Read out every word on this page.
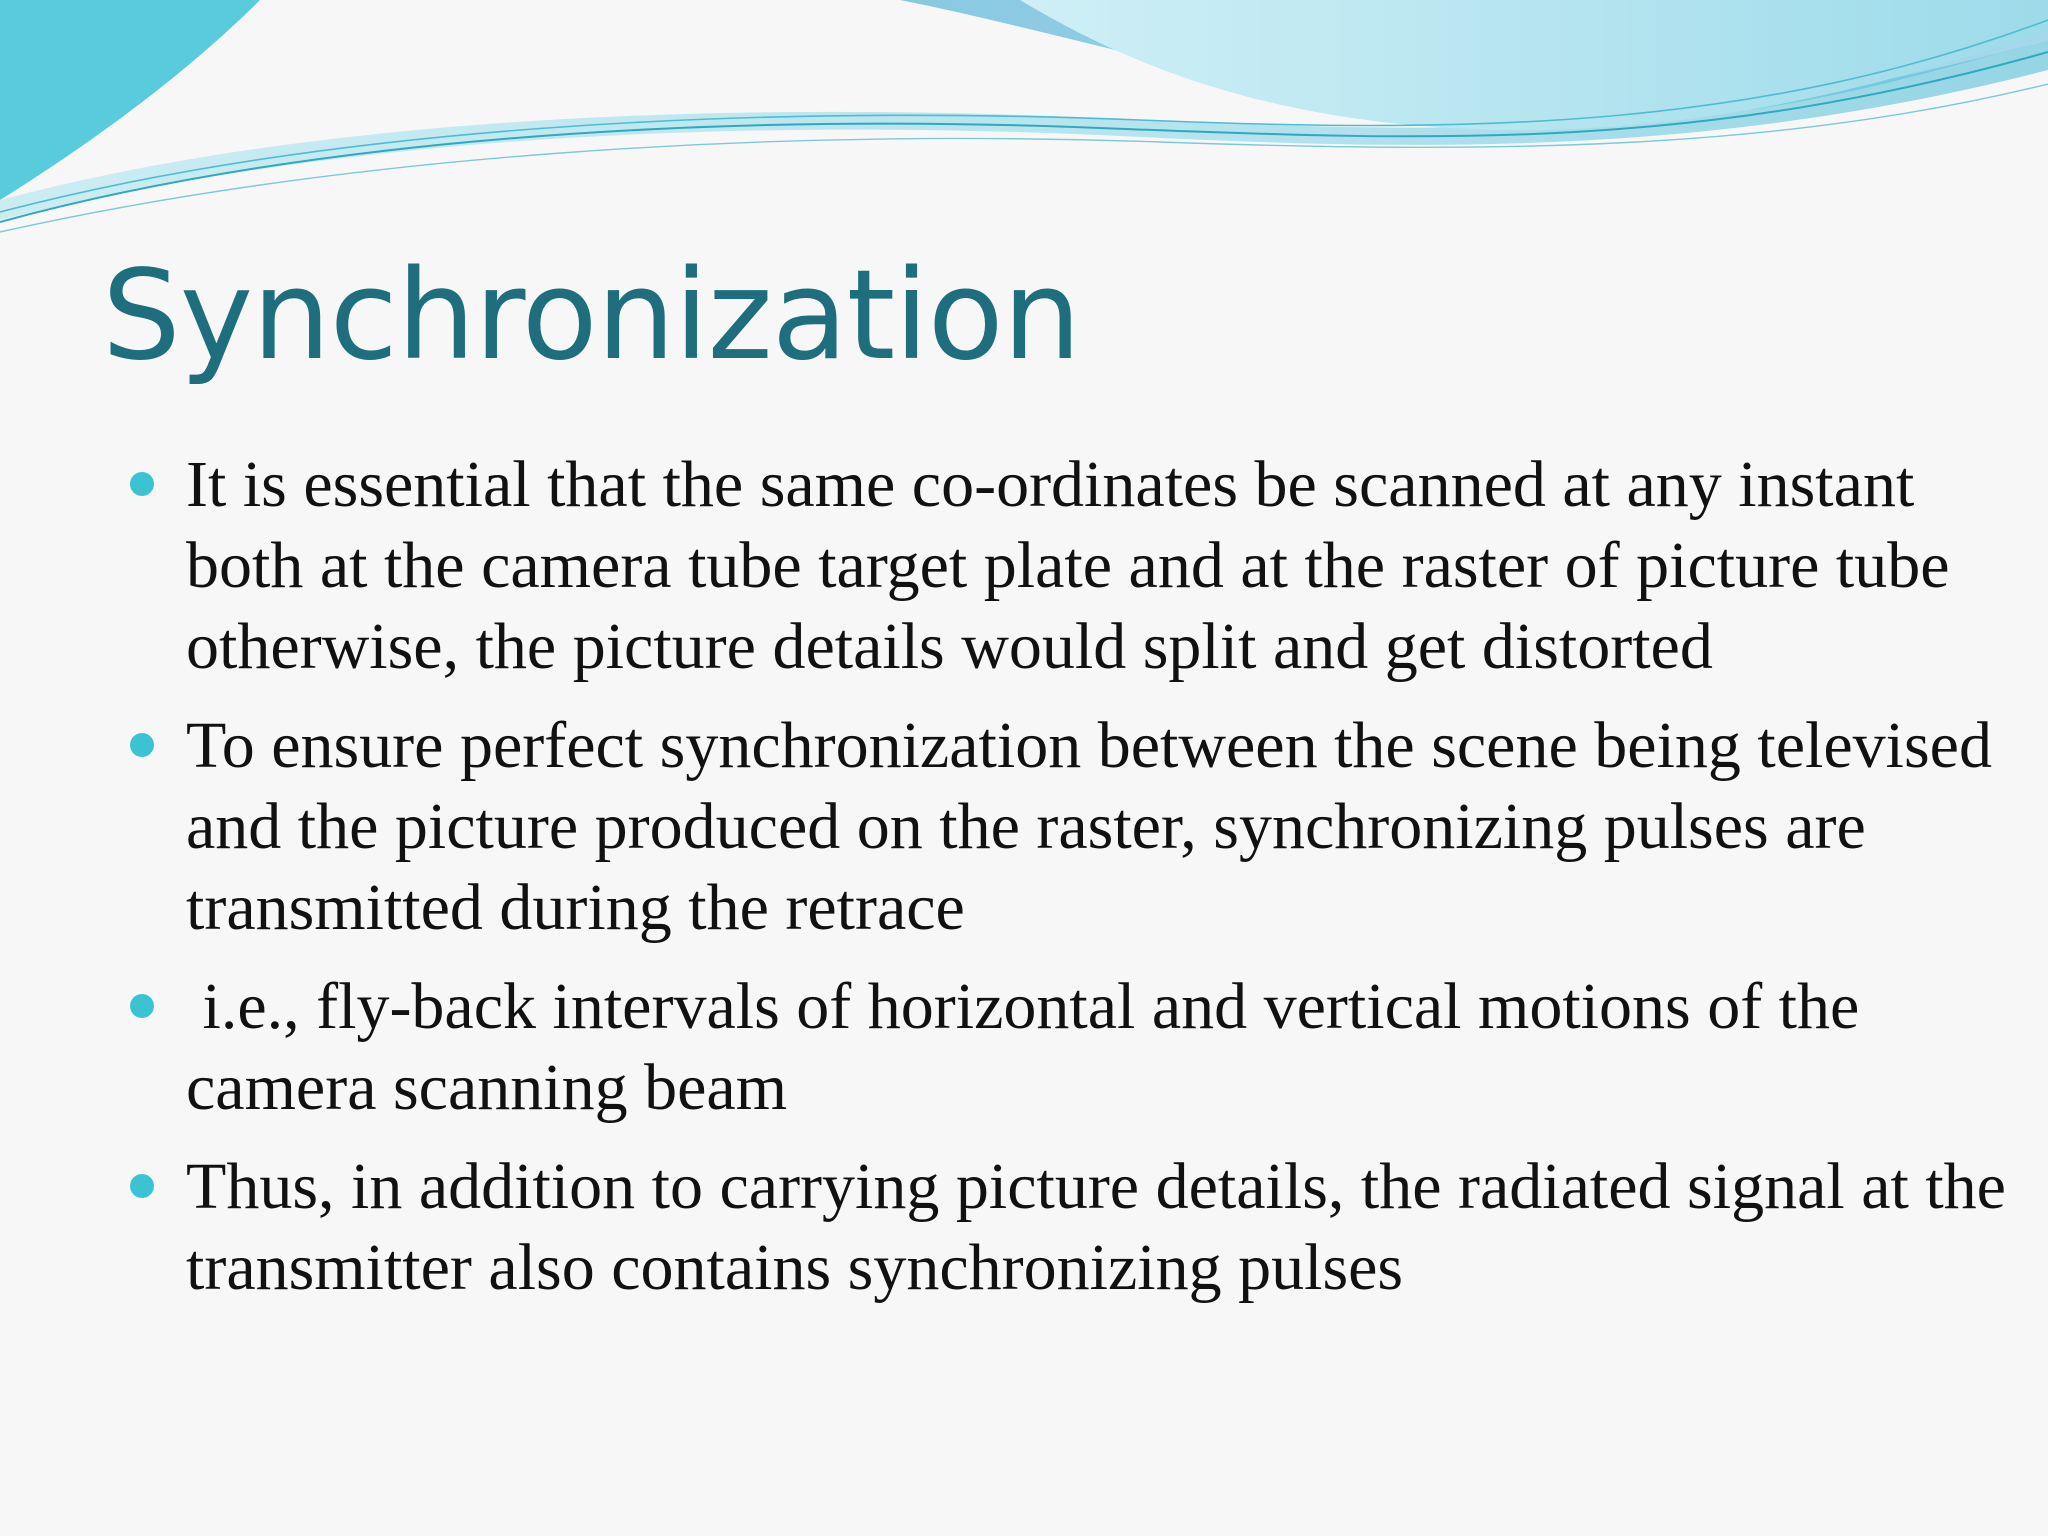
Synchronization
It is essential that the same co-ordinates be scanned at any instant both at the camera tube target plate and at the raster of picture tube otherwise, the picture details would split and get distorted
To ensure perfect synchronization between the scene being televised and the picture produced on the raster, synchronizing pulses are transmitted during the retrace
i.e., fly-back intervals of horizontal and vertical motions of the camera scanning beam
Thus, in addition to carrying picture details, the radiated signal at the transmitter also contains synchronizing pulses
